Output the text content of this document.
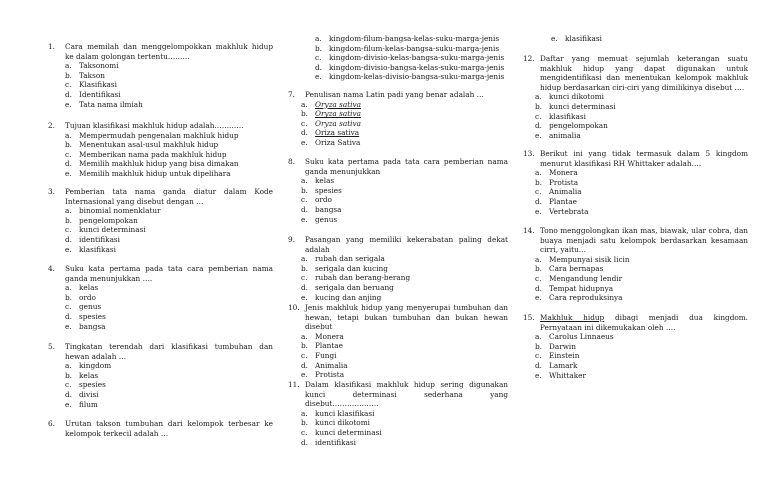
1.	Cara memilah dan menggelompokkan makhluk hidup ke dalam golongan tertentu………
a.	Taksonomi
b. Takson
c.	Klasifikasi
d. Identifikasi
e.	Tata nama ilmiah
2.	Tujuan klasifikasi makhluk hidup adalah…………
a.	Mempermudah pengenalan makhluk hidup
b. Menentukan asal-usul makhluk hidup
c.	Memberikan nama pada makhluk hidup
d. Memilih makhluk hidup yang bisa dimakan
e.	Memilih makhluk hidup untuk dipelihara
3.	Pemberian tata nama ganda diatur dalam Kode Internasional yang disebut dengan …
a.	binomial nomenklatur
b. pengelompokan
c.	kunci determinasi
d. identifikasi
e.	klasifikasi
4.	Suku kata pertama pada tata cara pemberian nama ganda menunjukkan ….
a.	kelas
b. ordo
c.	genus
d. spesies
e.	bangsa
5.	Tingkatan terendah dari klasifikasi tumbuhan dan hewan adalah …
a.	kingdom
b. kelas
c.	spesies
d. divisi
e.	filum
6.	Urutan takson tumbuhan dari kelompok terbesar ke kelompok terkecil adalah …
a.	kingdom-filum-bangsa-kelas-suku-marga-jenis
b. kingdom-filum-kelas-bangsa-suku-marga-jenis
c.	kingdom-divisio-kelas-bangsa-suku-marga-jenis
d. kingdom-divisio-bangsa-kelas-suku-marga-jenis
e.	kingdom-kelas-divisio-bangsa-suku-marga-jenis
7.	Penulisan nama Latin padi yang benar adalah …
a.	Oryza sativa
b. Oryza sativa
c.	Oryza sativa
d. Oriza sativa
e.	Oriza Sativa
8.	Suku kata pertama pada tata cara pemberian nama ganda menunjukkan
a.	kelas
b. spesies
c.	ordo
d. bangsa
e.	genus
9.	Pasangan yang memiliki kekerabatan paling dekat adalah
a.	rubah dan serigala
b. serigala dan kucing
c.	rubah dan berang-berang
d. serigala dan beruang
e.	kucing dan anjing
10. Jenis makhluk hidup yang menyerupai tumbuhan dan hewan, tetapi bukan tumbuhan dan bukan hewan disebut
a.	Monera
b. Plantae
c.	Fungi
d. Animalia
e.	Protista
11. Dalam klasifikasi makhluk hidup sering digunakan kunci determinasi sederhana yang disebut……………….
a.	kunci klasifikasi
b. kunci dikotomi
c.	kunci determinasi
d. identifikasi
e.	klasifikasi
12. Daftar yang memuat sejumlah keterangan suatu makhluk hidup yang dapat digunakan untuk mengidentifikasi dan menentukan kelompok makhluk hidup berdasarkan ciri-ciri yang dimilikinya disebut ….
a.	kunci dikotomi
b. kunci determinasi
c.	klasifikasi
d. pengelompokan
e.	animalia
13. Berikut ini yang tidak termasuk dalam 5 kingdom menurut klasifikasi RH Whittaker adalah….
a.	Monera
b. Protista
c.	Animalia
d. Plantae
e.	Vertebrata
14. Tono menggolongkan ikan mas, biawak, ular cobra, dan buaya menjadi satu kelompok berdasarkan kesamaan cirri, yaitu…
a.	Mempunyai sisik licin
b. Cara bernapas
c.	Mengandung lendir
d. Tempat hidupnya
e.	Cara reproduksinya
15. Makhluk hidup dibagi menjadi dua kingdom. Pernyataan ini dikemukakan oleh ….
a.	Carolus Linnaeus
b. Darwin
c.	Einstein
d. Lamark
e.	Whittaker
